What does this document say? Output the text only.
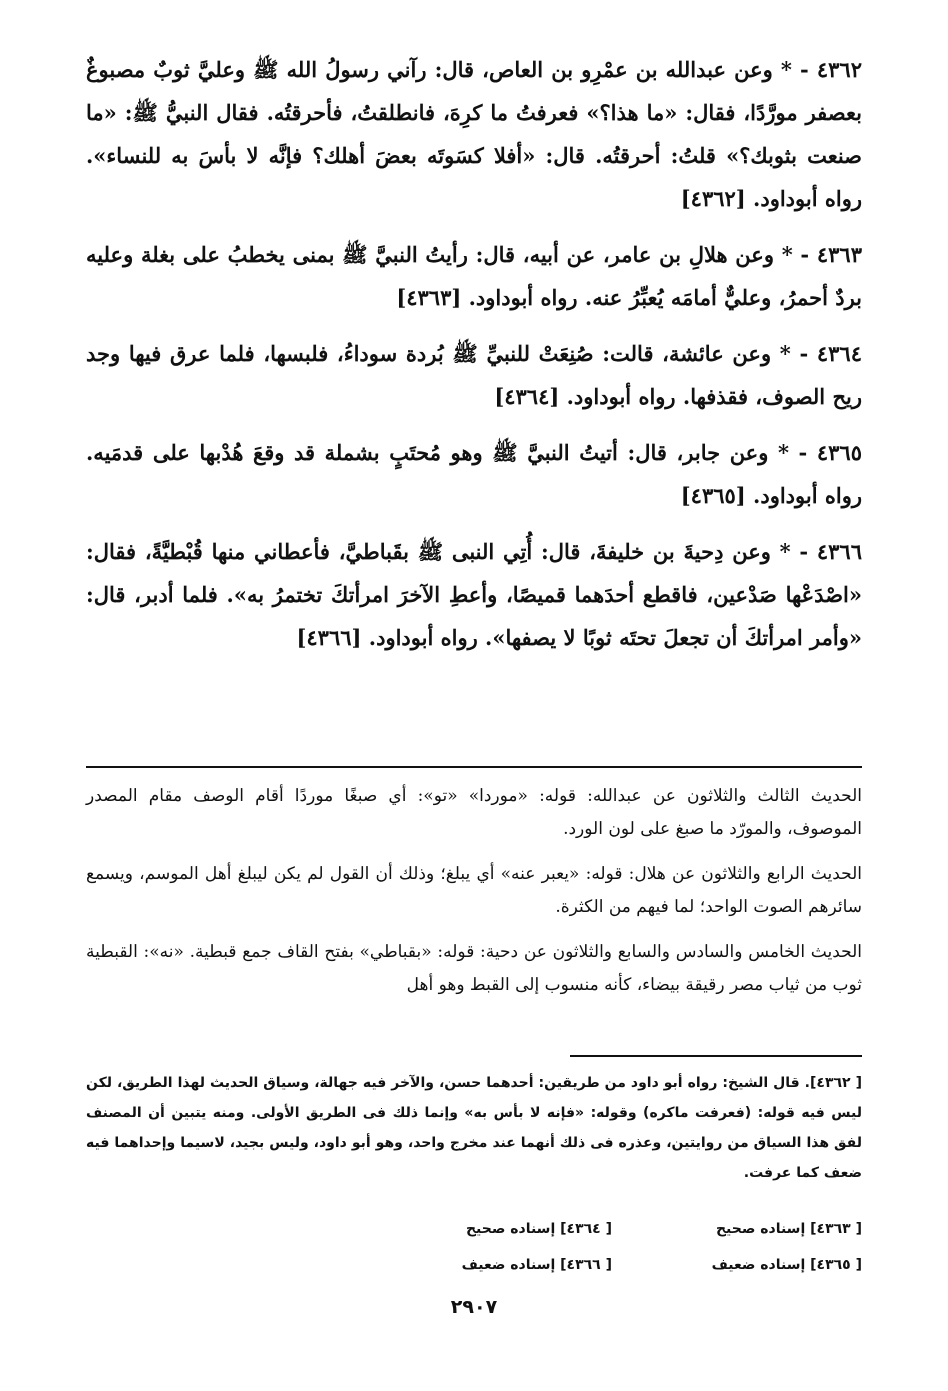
٤٣٦٢ - * وعن عبدالله بن عمْرِو بن العاص، قال: رآني رسولُ الله ﷺ وعليَّ ثوبٌ مصبوغٌ بعصفر مورَّدًا، فقال: «ما هذا؟» فعرفتُ ما كرِهَ، فانطلقتُ، فأحرقتُه. فقال النبيُّ ﷺ: «ما صنعت بثوبك؟» قلتُ: أحرقتُه. قال: «أفلا كسَوتَه بعضَ أهلك؟ فإنَّه لا بأسَ به للنساء». رواه أبوداود. [٤٣٦٢]

٤٣٦٣ - * وعن هلالِ بن عامر، عن أبيه، قال: رأيتُ النبيَّ ﷺ بمنى يخطبُ على بغلة وعليه بردٌ أحمرُ، وعليٌّ أمامَه يُعبِّرُ عنه. رواه أبوداود. [٤٣٦٣]

٤٣٦٤ - * وعن عائشة، قالت: صُنِعَتْ للنبيِّ ﷺ بُردة سوداءُ، فلبسها، فلما عرق فيها وجد ريح الصوف، فقذفها. رواه أبوداود. [٤٣٦٤]

٤٣٦٥ - * وعن جابر، قال: أتيتُ النبيَّ ﷺ وهو مُحتَبٍ بشملة قد وقعَ هُدْبها على قدمَيه. رواه أبوداود. [٤٣٦٥]

٤٣٦٦ - * وعن دِحيةَ بن خليفةَ، قال: أُتِي النبى ﷺ بقَباطيَّ، فأعطاني منها قُبْطيَّةً، فقال: «اصْدَعْها صَدْعين، فاقطع أحدَهما قميصًا، وأعطِ الآخرَ امرأتكَ تختمرُ به». فلما أدبر، قال: «وأمر امرأتكَ أن تجعلَ تحتَه ثوبًا لا يصفها». رواه أبوداود. [٤٣٦٦]

الحديث الثالث والثلاثون عن عبدالله: قوله: «موردا» «تو»: أي صبغًا موردًا أقام الوصف مقام المصدر الموصوف، والمورّد ما صبغ على لون الورد.

الحديث الرابع والثلاثون عن هلال: قوله: «يعبر عنه» أي يبلغ؛ وذلك أن القول لم يكن ليبلغ أهل الموسم، ويسمع سائرهم الصوت الواحد؛ لما فيهم من الكثرة.

الحديث الخامس والسادس والسابع والثلاثون عن دحية: قوله: «بقباطي» بفتح القاف جمع قبطية. «نه»: القبطية ثوب من ثياب مصر رقيقة بيضاء، كأنه منسوب إلى القبط وهو أهل

[ ٤٣٦٢]. قال الشيخ: رواه أبو داود من طريقين: أحدهما حسن، والآخر فيه جهالة، وسياق الحديث لهذا الطريق، لكن ليس فيه قوله: (فعرفت ماكره) وقوله: «فإنه لا بأس به» وإنما ذلك فى الطريق الأولى. ومنه يتبين أن المصنف لفق هذا السياق من روايتين، وعذره فى ذلك أنهما عند مخرج واحد، وهو أبو داود، وليس بجيد، لاسيما وإحداهما فيه ضعف كما عرفت.

[ ٤٣٦٣] إسناده صحيح
[ ٤٣٦٤] إسناده صحيح
[ ٤٣٦٥] إسناده ضعيف
[ ٤٣٦٦] إسناده ضعيف
٢٩٠٧
